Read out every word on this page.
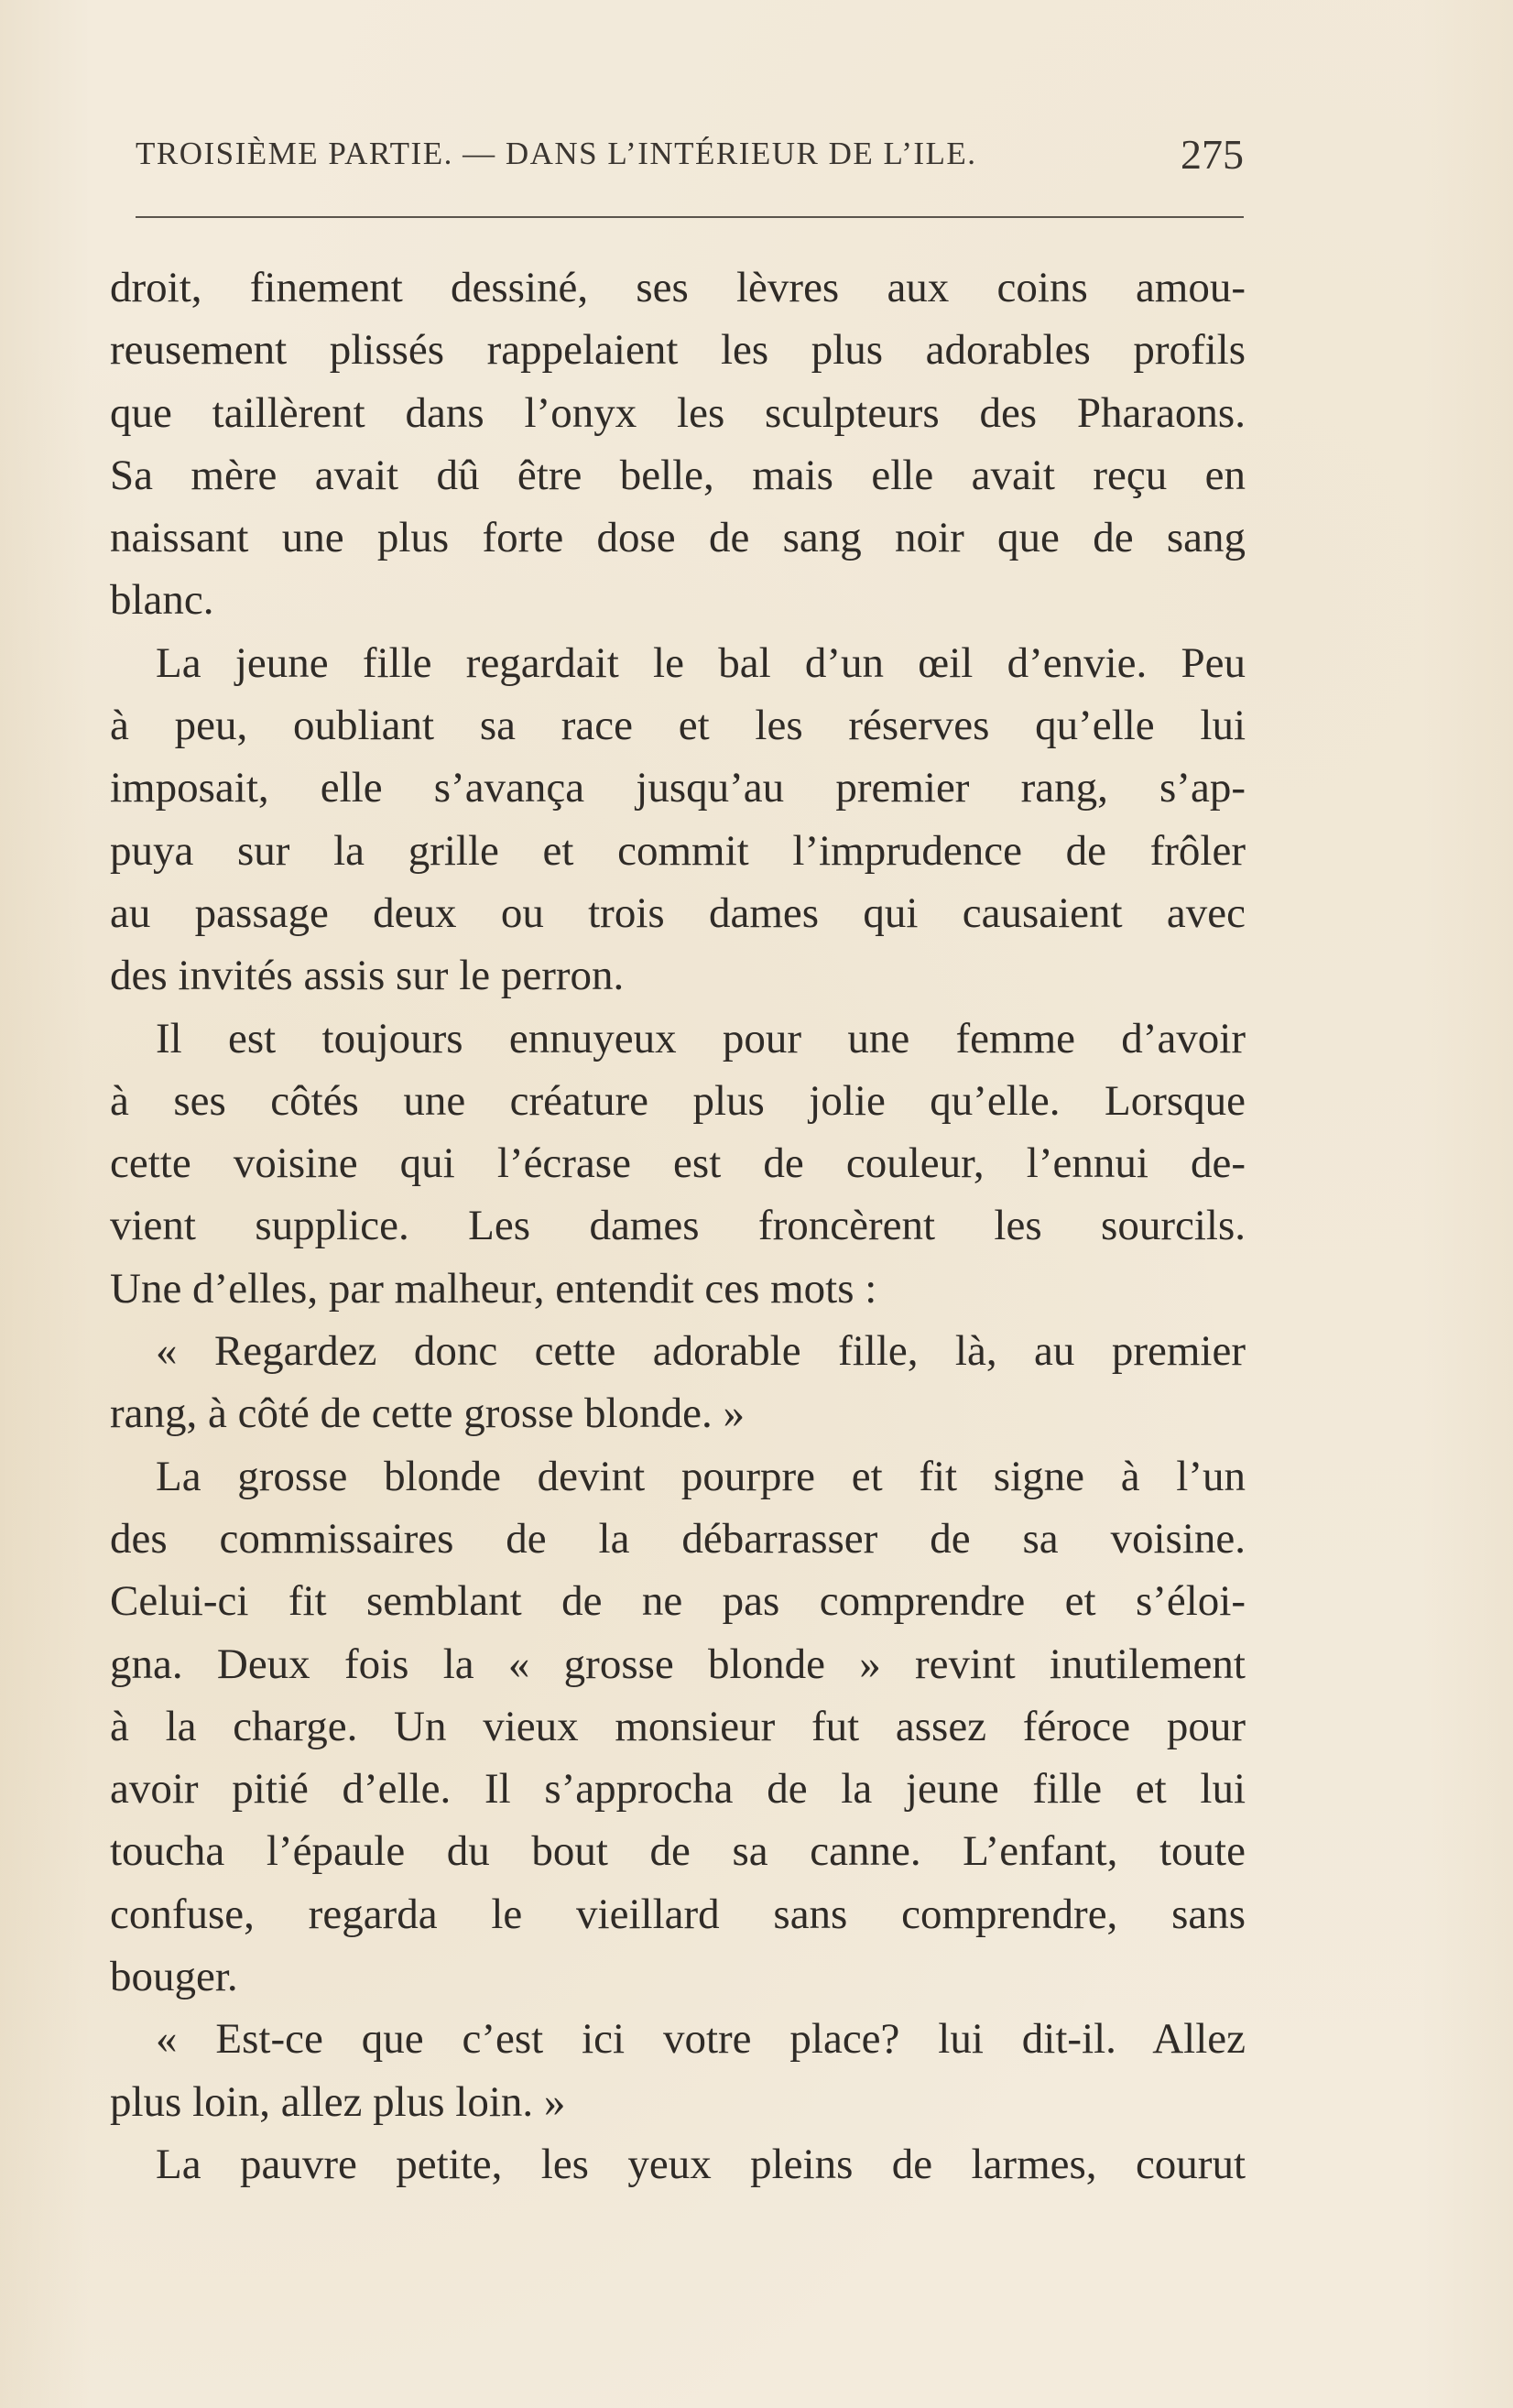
TROISIÈME PARTIE. — DANS L’INTÉRIEUR DE L’ILE.	275
droit, finement dessiné, ses lèvres aux coins amou-
reusement plissés rappelaient les plus adorables profils
que taillèrent dans l’onyx les sculpteurs des Pharaons.
Sa mère avait dû être belle, mais elle avait reçu en
naissant une plus forte dose de sang noir que de sang
blanc.
La jeune fille regardait le bal d’un œil d’envie. Peu
à peu, oubliant sa race et les réserves qu’elle lui
imposait, elle s’avança jusqu’au premier rang, s’ap-
puya sur la grille et commit l’imprudence de frôler
au passage deux ou trois dames qui causaient avec
des invités assis sur le perron.
Il est toujours ennuyeux pour une femme d’avoir
à ses côtés une créature plus jolie qu’elle. Lorsque
cette voisine qui l’écrase est de couleur, l’ennui de-
vient supplice. Les dames froncèrent les sourcils.
Une d’elles, par malheur, entendit ces mots :
« Regardez donc cette adorable fille, là, au premier
rang, à côté de cette grosse blonde. »
La grosse blonde devint pourpre et fit signe à l’un
des commissaires de la débarrasser de sa voisine.
Celui-ci fit semblant de ne pas comprendre et s’éloi-
gna. Deux fois la « grosse blonde » revint inutilement
à la charge. Un vieux monsieur fut assez féroce pour
avoir pitié d’elle. Il s’approcha de la jeune fille et lui
toucha l’épaule du bout de sa canne. L’enfant, toute
confuse, regarda le vieillard sans comprendre, sans
bouger.
« Est-ce que c’est ici votre place? lui dit-il. Allez
plus loin, allez plus loin. »
La pauvre petite, les yeux pleins de larmes, courut
